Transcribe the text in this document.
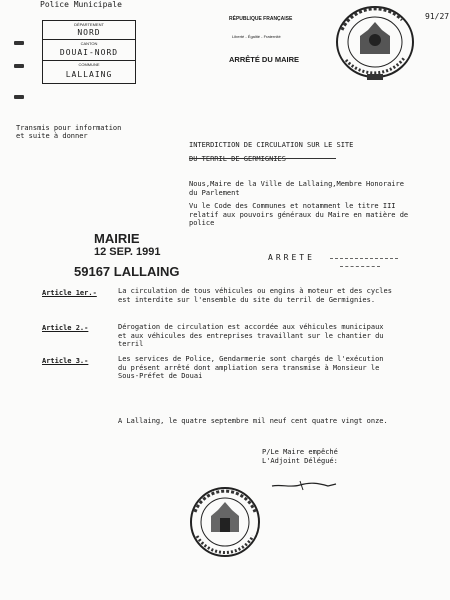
Police Municipale
91/27
DÉPARTEMENT
NORD
CANTON
DOUAI-NORD
COMMUNE
LALLAING
RÉPUBLIQUE FRANÇAISE
Liberté - Égalité - Fraternité
ARRÊTÉ DU MAIRE
Transmis pour information
et suite à donner
INTERDICTION DE CIRCULATION SUR LE SITE
DU TERRIL DE GERMIGNIES
Nous,Maire de la Ville de Lallaing,Membre Honoraire
du Parlement
Vu le Code des Communes et notamment le titre III
relatif aux pouvoirs généraux du Maire en matière de
police
MAIRIE
12 SEP. 1991
59167 LALLAING
ARRETE
Article 1er.-	La circulation de tous véhicules ou engins à moteur et des cycles
est interdite sur l'ensemble du site du terril de Germignies.
Article 2.-	Dérogation de circulation est accordée aux véhicules municipaux
et aux véhicules des entreprises travaillant sur le chantier du
terril
Article 3.-	Les services de Police, Gendarmerie sont chargés de l'exécution
du présent arrêté dont ampliation sera transmise à Monsieur le
Sous-Préfet de Douai
A Lallaing, le quatre septembre mil neuf cent quatre vingt onze.
P/Le Maire empêché
L'Adjoint Délégué:
